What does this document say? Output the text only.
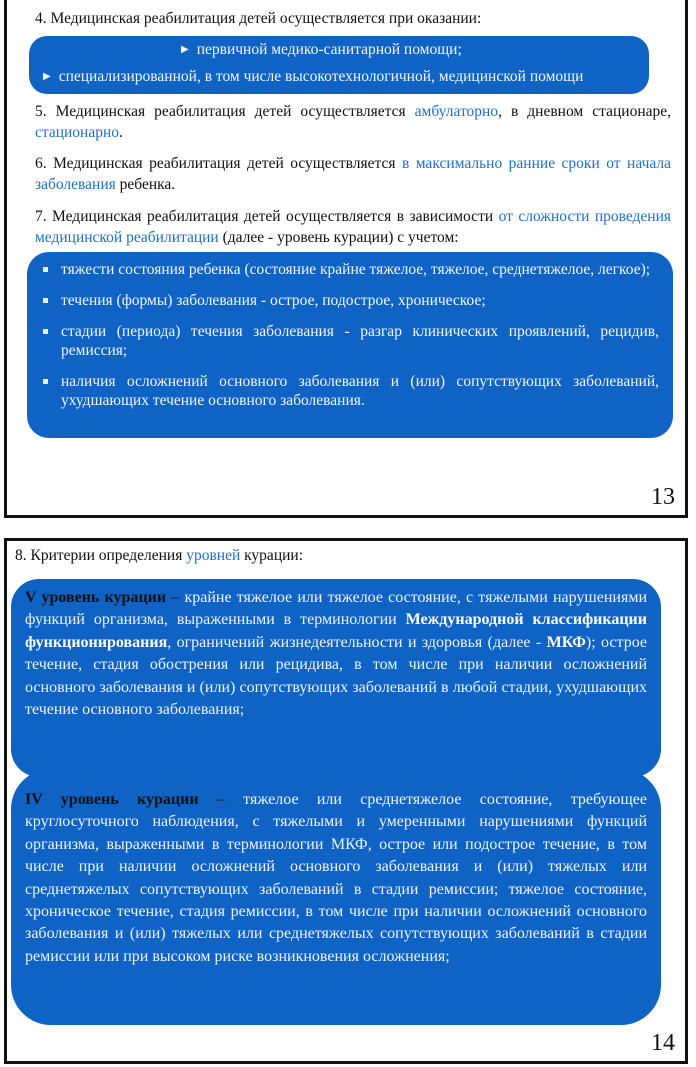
4. Медицинская реабилитация детей осуществляется при оказании:
▶ первичной медико-санитарной помощи;
▶ специализированной, в том числе высокотехнологичной, медицинской помощи
5. Медицинская реабилитация детей осуществляется амбулаторно, в дневном стационаре, стационарно.
6. Медицинская реабилитация детей осуществляется в максимально ранние сроки от начала заболевания ребенка.
7. Медицинская реабилитация детей осуществляется в зависимости от сложности проведения медицинской реабилитации (далее - уровень курации) с учетом:
тяжести состояния ребенка (состояние крайне тяжелое, тяжелое, среднетяжелое, легкое);
течения (формы) заболевания - острое, подострое, хроническое;
стадии (периода) течения заболевания - разгар клинических проявлений, рецидив, ремиссия;
наличия осложнений основного заболевания и (или) сопутствующих заболеваний, ухудшающих течение основного заболевания.
13
8. Критерии определения уровней курации:
V уровень курации – крайне тяжелое или тяжелое состояние, с тяжелыми нарушениями функций организма, выраженными в терминологии Международной классификации функционирования, ограничений жизнедеятельности и здоровья (далее - МКФ); острое течение, стадия обострения или рецидива, в том числе при наличии осложнений основного заболевания и (или) сопутствующих заболеваний в любой стадии, ухудшающих течение основного заболевания;
IV уровень курации – тяжелое или среднетяжелое состояние, требующее круглосуточного наблюдения, с тяжелыми и умеренными нарушениями функций организма, выраженными в терминологии МКФ, острое или подострое течение, в том числе при наличии осложнений основного заболевания и (или) тяжелых или среднетяжелых сопутствующих заболеваний в стадии ремиссии; тяжелое состояние, хроническое течение, стадия ремиссии, в том числе при наличии осложнений основного заболевания и (или) тяжелых или среднетяжелых сопутствующих заболеваний в стадии ремиссии или при высоком риске возникновения осложнения;
14
